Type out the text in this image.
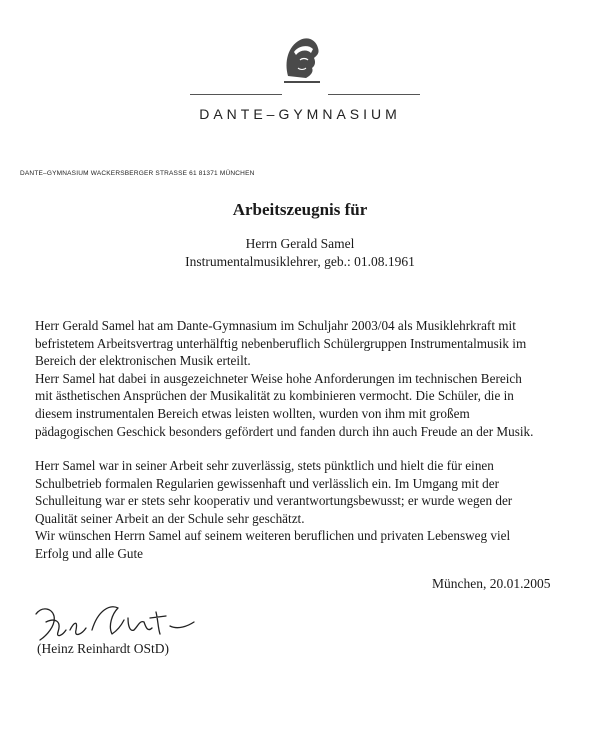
DANTE–GYMNASIUM
DANTE–GYMNASIUM WACKERSBERGER STRASSE 61 81371 MÜNCHEN
Arbeitszeugnis für
Herrn Gerald Samel
Instrumentalmusiklehrer, geb.: 01.08.1961
Herr Gerald Samel hat am Dante-Gymnasium im Schuljahr 2003/04 als Musiklehrkraft mit
befristetem Arbeitsvertrag unterhälftig nebenberuflich Schülergruppen Instrumentalmusik im
Bereich der elektronischen Musik erteilt.
Herr Samel hat dabei in ausgezeichneter Weise hohe Anforderungen im technischen Bereich
mit ästhetischen Ansprüchen der Musikalität zu kombinieren vermocht. Die Schüler, die in
diesem instrumentalen Bereich etwas leisten wollten, wurden von ihm mit großem
pädagogischen Geschick besonders gefördert und fanden durch ihn auch Freude an der Musik.
Herr Samel war in seiner Arbeit sehr zuverlässig, stets pünktlich und hielt die für einen
Schulbetrieb formalen Regularien gewissenhaft und verlässlich ein. Im Umgang mit der
Schulleitung war er stets sehr kooperativ und verantwortungsbewusst; er wurde wegen der
Qualität seiner Arbeit an der Schule sehr geschätzt.
Wir wünschen Herrn Samel auf seinem weiteren beruflichen und privaten Lebensweg viel
Erfolg und alle Gute
München, 20.01.2005
(Heinz Reinhardt OStD)
